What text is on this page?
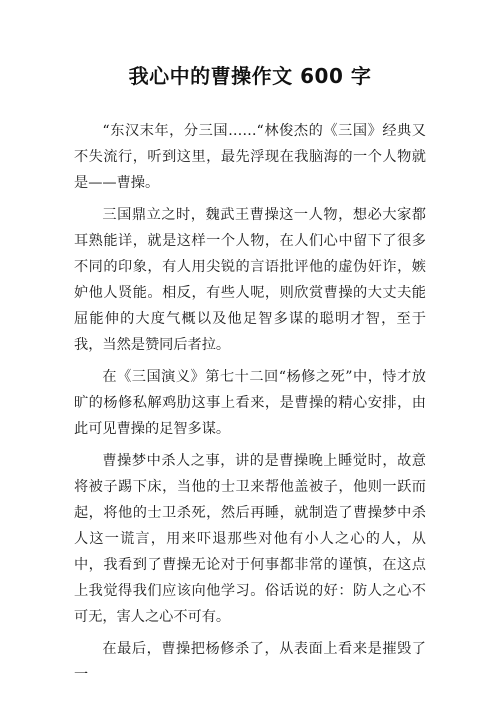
我心中的曹操作文 600 字

“东汉末年，分三国……“林俊杰的《三国》经典又不失流行，听到这里，最先浮现在我脑海的一个人物就是——曹操。

三国鼎立之时，魏武王曹操这一人物，想必大家都耳熟能详，就是这样一个人物，在人们心中留下了很多不同的印象，有人用尖锐的言语批评他的虚伪奸诈，嫉妒他人贤能。相反，有些人呢，则欣赏曹操的大丈夫能屈能伸的大度气概以及他足智多谋的聪明才智，至于我，当然是赞同后者拉。

在《三国演义》第七十二回“杨修之死”中，恃才放旷的杨修私解鸡肋这事上看来，是曹操的精心安排，由此可见曹操的足智多谋。

曹操梦中杀人之事，讲的是曹操晚上睡觉时，故意将被子踢下床，当他的士卫来帮他盖被子，他则一跃而起，将他的士卫杀死，然后再睡，就制造了曹操梦中杀人这一谎言，用来吓退那些对他有小人之心的人，从中，我看到了曹操无论对于何事都非常的谨慎，在这点上我觉得我们应该向他学习。俗话说的好：防人之心不可无，害人之心不可有。

在最后，曹操把杨修杀了，从表面上看来是摧毁了一
